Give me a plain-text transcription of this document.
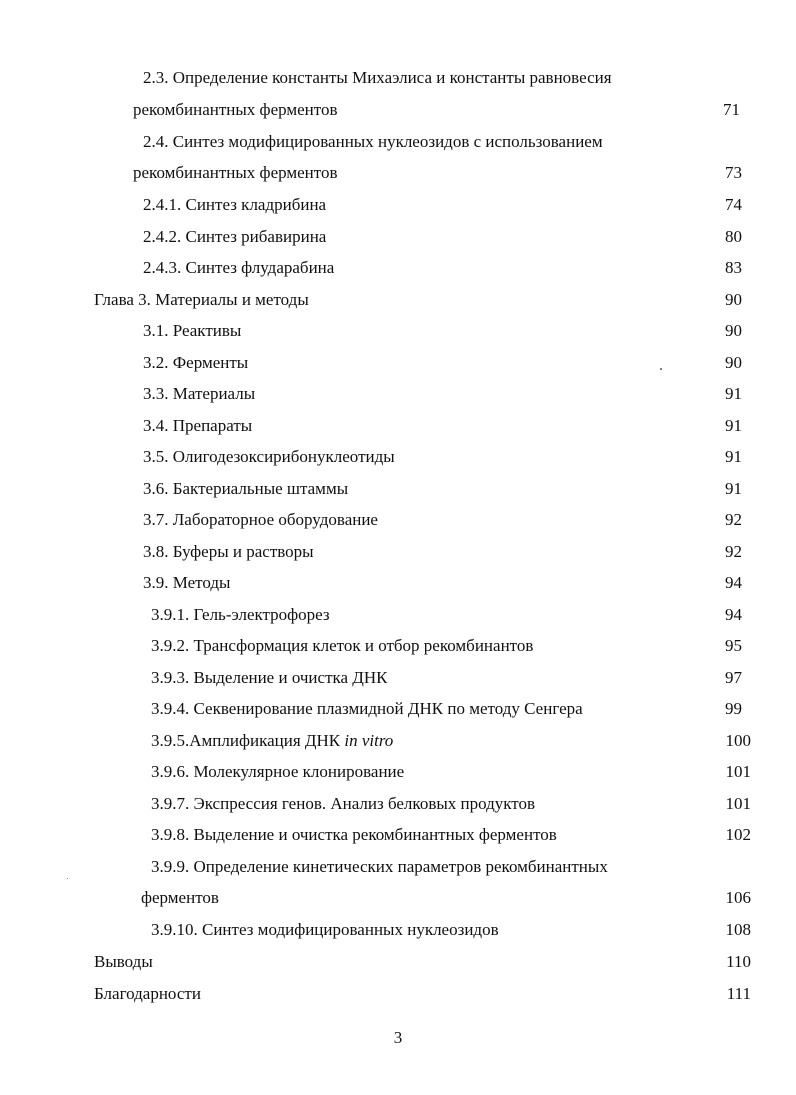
2.3. Определение константы Михаэлиса и константы равновесия
рекомбинантных ферментов	71
2.4. Синтез модифицированных нуклеозидов с использованием
рекомбинантных ферментов	73
2.4.1. Синтез кладрибина	74
2.4.2. Синтез рибавирина	80
2.4.3. Синтез флударабина	83
Глава 3. Материалы и методы	90
3.1. Реактивы	90
3.2. Ферменты	90
3.3. Материалы	91
3.4. Препараты	91
3.5. Олигодезоксирибонуклеотиды	91
3.6. Бактериальные штаммы	91
3.7. Лабораторное оборудование	92
3.8. Буферы и растворы	92
3.9. Методы	94
3.9.1. Гель-электрофорез	94
3.9.2. Трансформация клеток и отбор рекомбинантов	95
3.9.3. Выделение и очистка ДНК	97
3.9.4. Секвенирование плазмидной ДНК по методу Сенгера	99
3.9.5.Амплификация ДНК in vitro	100
3.9.6. Молекулярное клонирование	101
3.9.7. Экспрессия генов. Анализ белковых продуктов	101
3.9.8. Выделение и очистка рекомбинантных ферментов	102
3.9.9. Определение кинетических параметров рекомбинантных
ферментов	106
3.9.10. Синтез модифицированных нуклеозидов	108
Выводы	110
Благодарности	111
3
